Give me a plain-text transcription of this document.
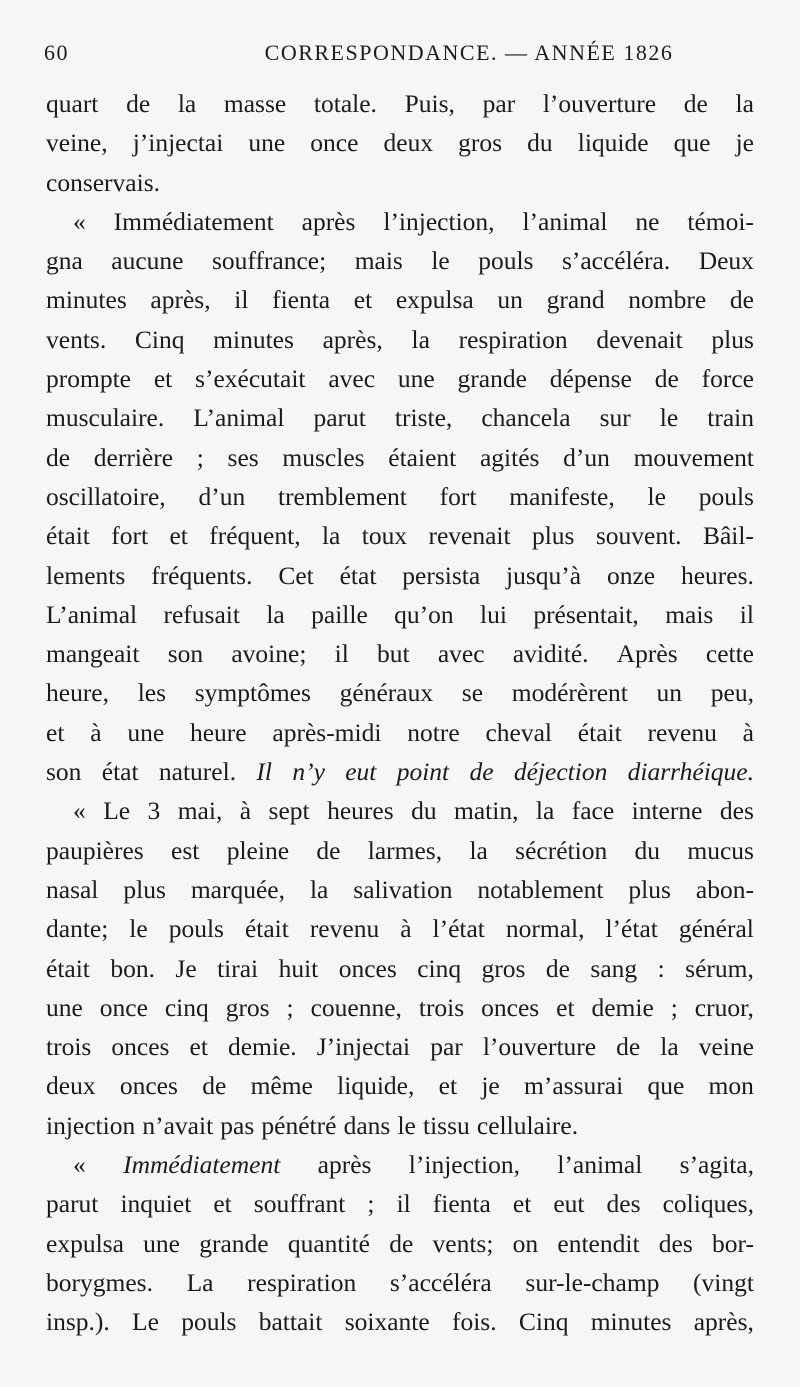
60	CORRESPONDANCE. — ANNÉE 1826
quart de la masse totale. Puis, par l’ouverture de la
veine, j’injectai une once deux gros du liquide que je
conservais.
« Immédiatement après l’injection, l’animal ne témoi-
gna aucune souffrance; mais le pouls s’accéléra. Deux
minutes après, il fienta et expulsa un grand nombre de
vents. Cinq minutes après, la respiration devenait plus
prompte et s’exécutait avec une grande dépense de force
musculaire. L’animal parut triste, chancela sur le train
de derrière ; ses muscles étaient agités d’un mouvement
oscillatoire, d’un tremblement fort manifeste, le pouls
était fort et fréquent, la toux revenait plus souvent. Bâil-
lements fréquents. Cet état persista jusqu’à onze heures.
L’animal refusait la paille qu’on lui présentait, mais il
mangeait son avoine; il but avec avidité. Après cette
heure, les symptômes généraux se modérèrent un peu,
et à une heure après-midi notre cheval était revenu à
son état naturel. Il n’y eut point de déjection diarrhéique.
« Le 3 mai, à sept heures du matin, la face interne des
paupières est pleine de larmes, la sécrétion du mucus
nasal plus marquée, la salivation notablement plus abon-
dante; le pouls était revenu à l’état normal, l’état général
était bon. Je tirai huit onces cinq gros de sang : sérum,
une once cinq gros ; couenne, trois onces et demie ; cruor,
trois onces et demie. J’injectai par l’ouverture de la veine
deux onces de même liquide, et je m’assurai que mon
injection n’avait pas pénétré dans le tissu cellulaire.
« Immédiatement après l’injection, l’animal s’agita,
parut inquiet et souffrant ; il fienta et eut des coliques,
expulsa une grande quantité de vents; on entendit des bor-
borygmes. La respiration s’accéléra sur-le-champ (vingt
insp.). Le pouls battait soixante fois. Cinq minutes après,
